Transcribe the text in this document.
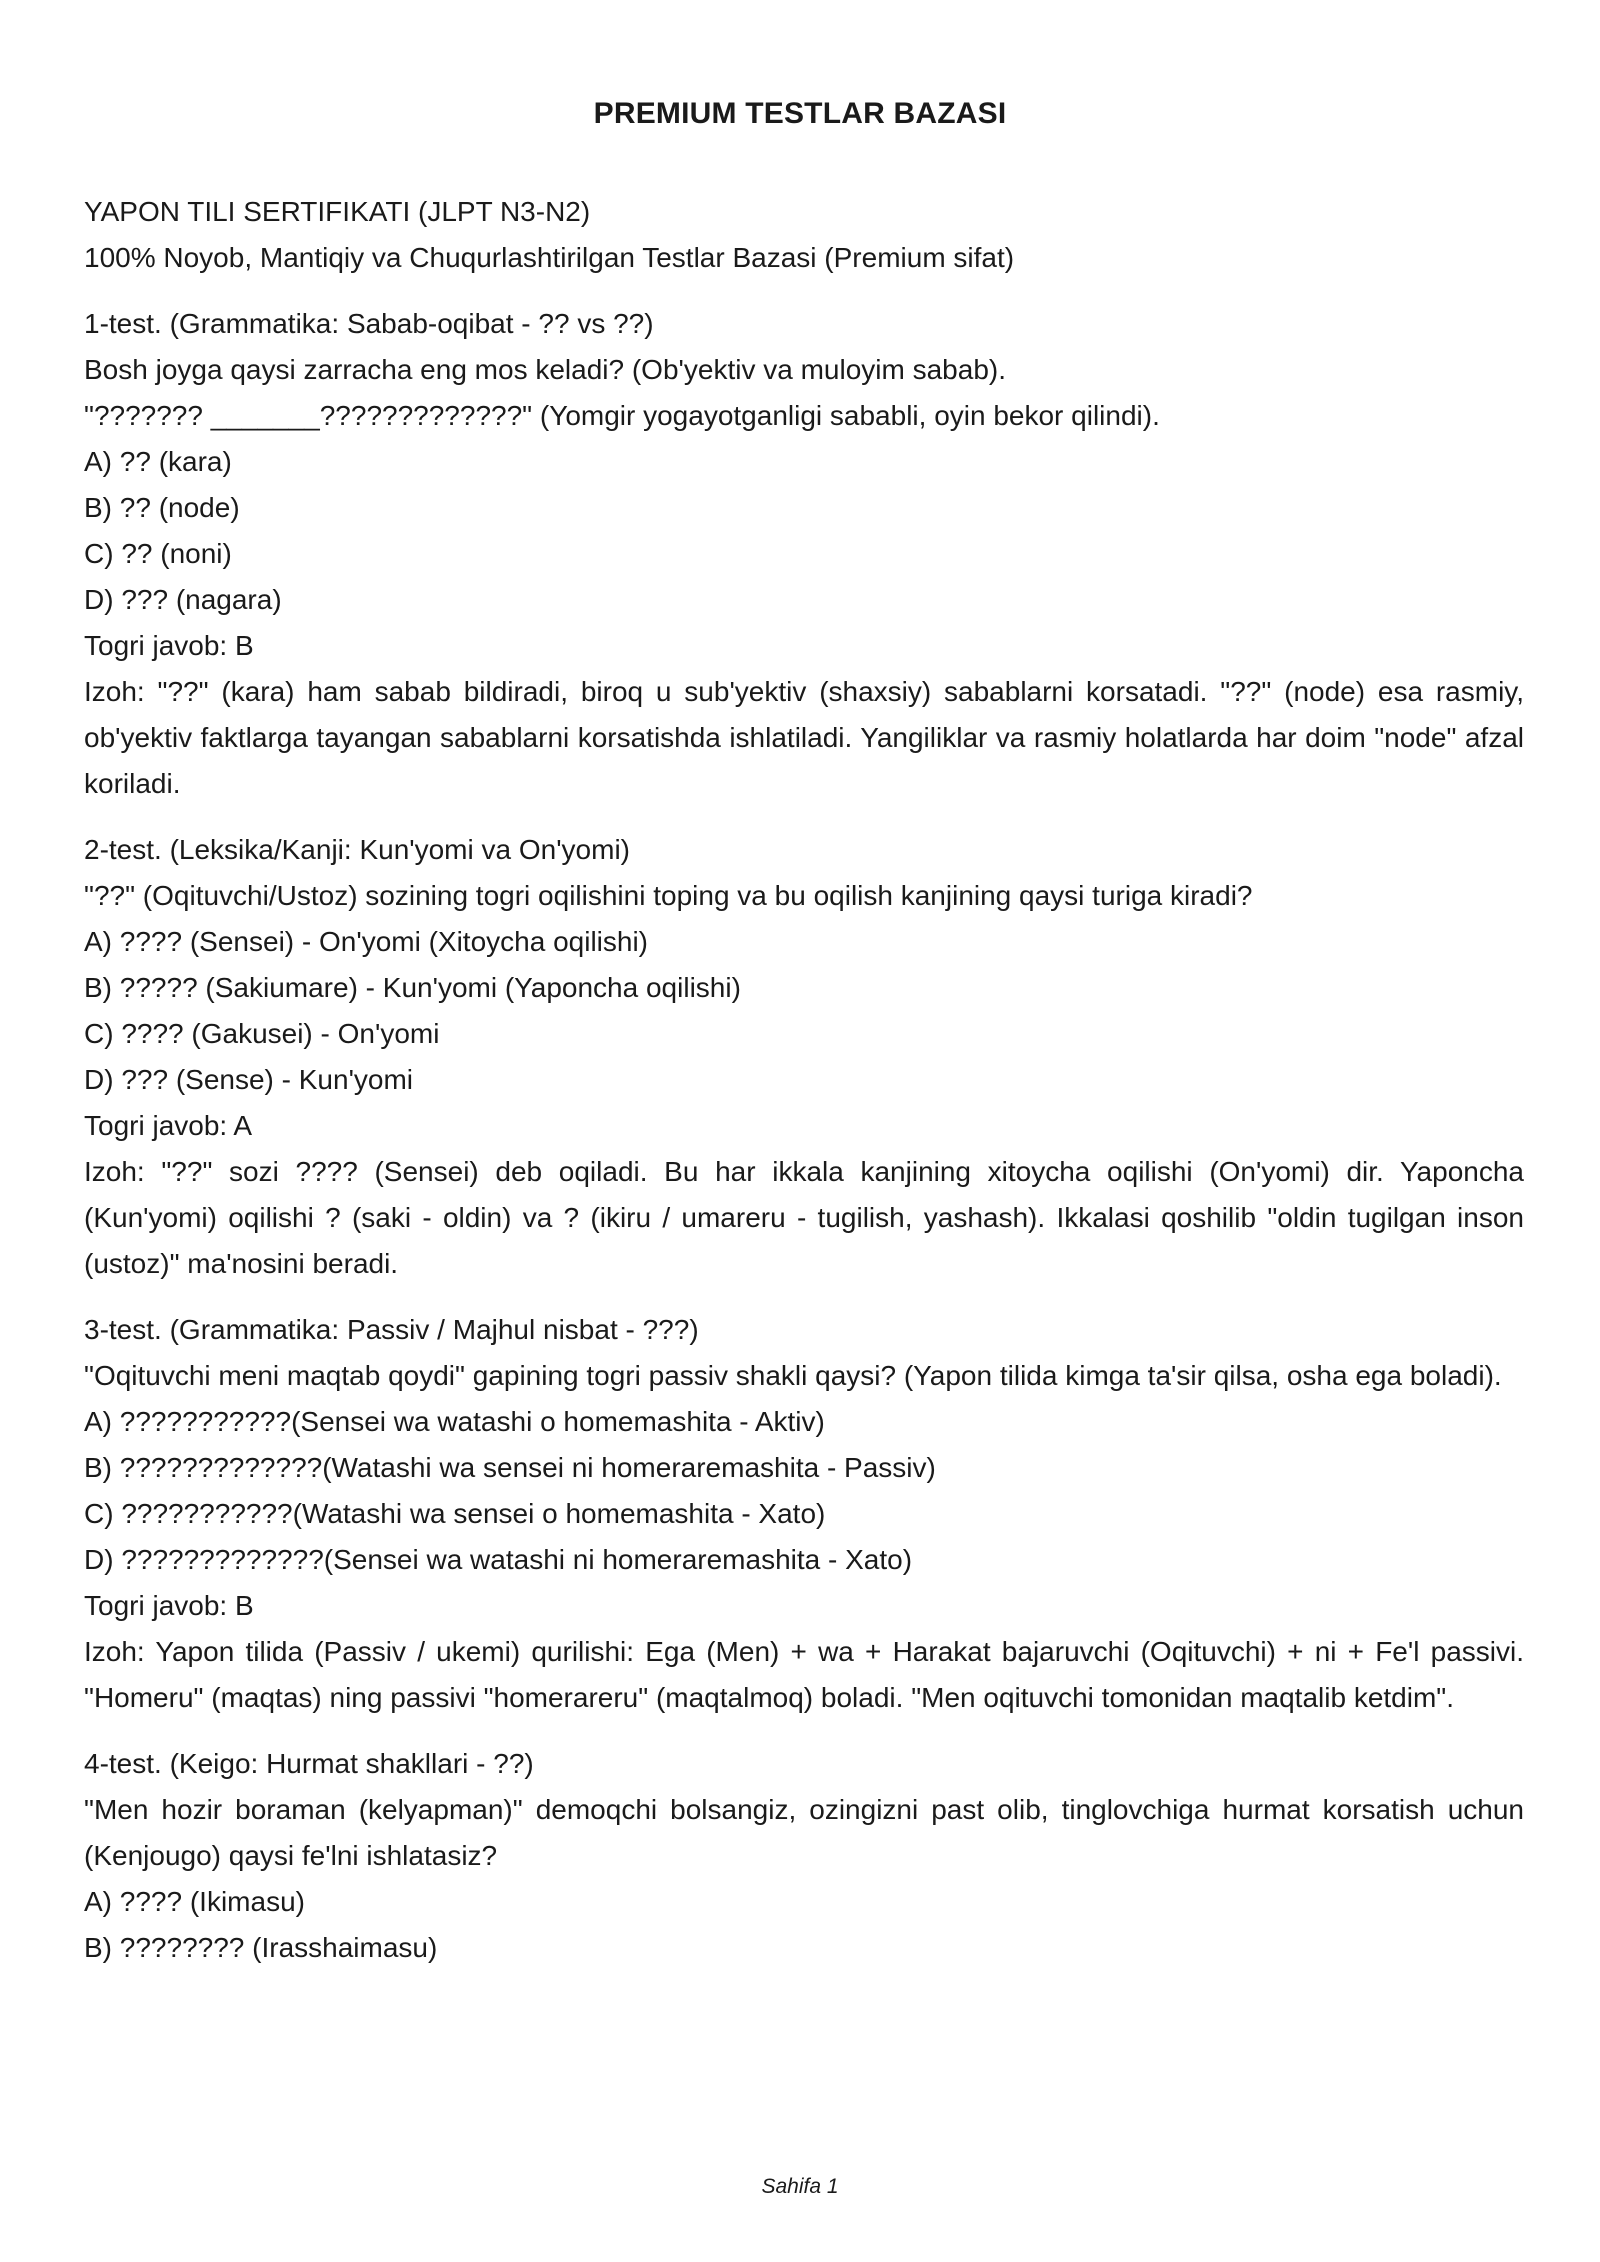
PREMIUM TESTLAR BAZASI
YAPON TILI SERTIFIKATI (JLPT N3-N2)
100% Noyob, Mantiqiy va Chuqurlashtirilgan Testlar Bazasi (Premium sifat)
1-test. (Grammatika: Sabab-oqibat - ?? vs ??)
Bosh joyga qaysi zarracha eng mos keladi? (Ob'yektiv va muloyim sabab).
"??????? _______?????????????" (Yomgir yogayotganligi sababli, oyin bekor qilindi).
A) ?? (kara)
B) ?? (node)
C) ?? (noni)
D) ??? (nagara)
Togri javob: B
Izoh: "??" (kara) ham sabab bildiradi, biroq u sub'yektiv (shaxsiy) sabablarni korsatadi. "??" (node) esa rasmiy, ob'yektiv faktlarga tayangan sabablarni korsatishda ishlatiladi. Yangiliklar va rasmiy holatlarda har doim "node" afzal koriladi.
2-test. (Leksika/Kanji: Kun'yomi va On'yomi)
"??" (Oqituvchi/Ustoz) sozining togri oqilishini toping va bu oqilish kanjining qaysi turiga kiradi?
A) ???? (Sensei) - On'yomi (Xitoycha oqilishi)
B) ????? (Sakiumare) - Kun'yomi (Yaponcha oqilishi)
C) ???? (Gakusei) - On'yomi
D) ??? (Sense) - Kun'yomi
Togri javob: A
Izoh: "??" sozi ???? (Sensei) deb oqiladi. Bu har ikkala kanjining xitoycha oqilishi (On'yomi) dir. Yaponcha (Kun'yomi) oqilishi ? (saki - oldin) va ? (ikiru / umareru - tugilish, yashash). Ikkalasi qoshilib "oldin tugilgan inson (ustoz)" ma'nosini beradi.
3-test. (Grammatika: Passiv / Majhul nisbat - ???)
"Oqituvchi meni maqtab qoydi" gapining togri passiv shakli qaysi? (Yapon tilida kimga ta'sir qilsa, osha ega boladi).
A) ???????????(Sensei wa watashi o homemashita - Aktiv)
B) ?????????????(Watashi wa sensei ni homeraremashita - Passiv)
C) ???????????(Watashi wa sensei o homemashita - Xato)
D) ?????????????(Sensei wa watashi ni homeraremashita - Xato)
Togri javob: B
Izoh: Yapon tilida (Passiv / ukemi) qurilishi: Ega (Men) + wa + Harakat bajaruvchi (Oqituvchi) + ni + Fe'l passivi. "Homeru" (maqtas) ning passivi "homerareru" (maqtalmoq) boladi. "Men oqituvchi tomonidan maqtalib ketdim".
4-test. (Keigo: Hurmat shakllari - ??)
"Men hozir boraman (kelyapman)" demoqchi bolsangiz, ozingizni past olib, tinglovchiga hurmat korsatish uchun (Kenjougo) qaysi fe'lni ishlatasiz?
A) ???? (Ikimasu)
B) ???????? (Irasshaimasu)
Sahifa 1
